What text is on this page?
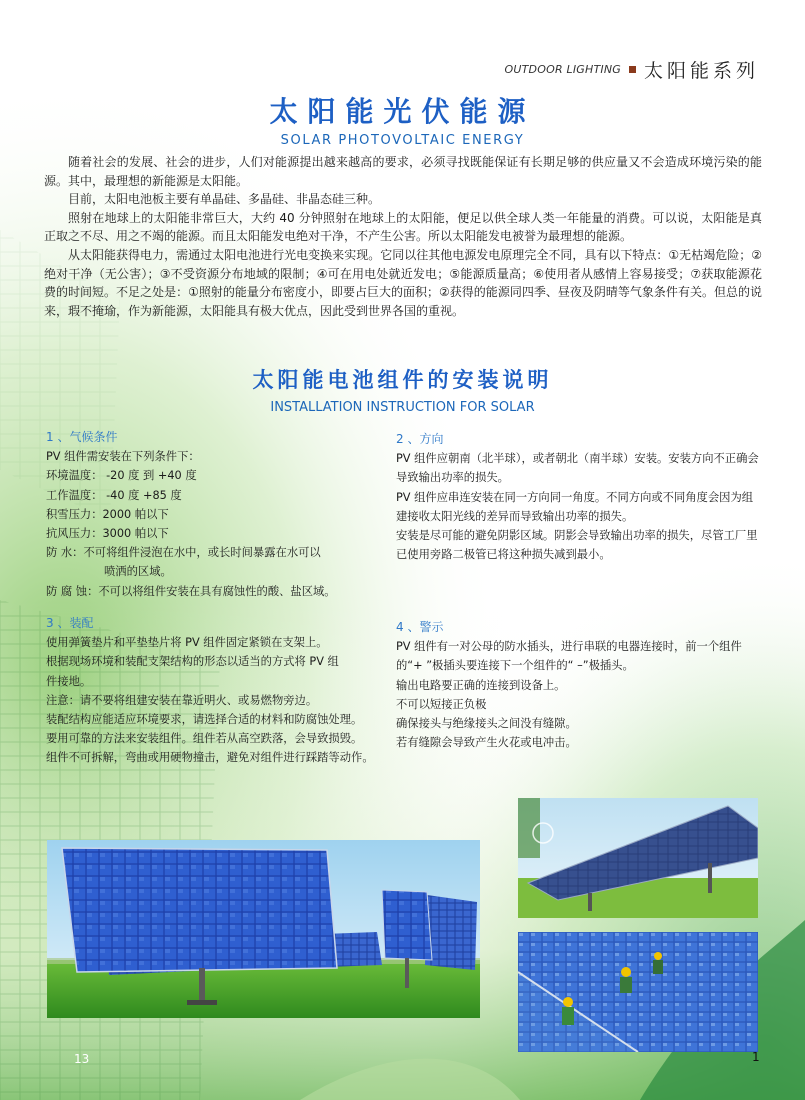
OUTDOOR LIGHTING 太阳能系列
太阳能光伏能源
SOLAR PHOTOVOLTAIC ENERGY

随着社会的发展、社会的进步，人们对能源提出越来越高的要求，必须寻找既能保证有长期足够的供应量又不会造成环境污染的能源。其中，最理想的新能源是太阳能。

目前，太阳电池板主要有单晶硅、多晶硅、非晶态硅三种。

照射在地球上的太阳能非常巨大，大约 40 分钟照射在地球上的太阳能，便足以供全球人类一年能量的消费。可以说，太阳能是真正取之不尽、用之不竭的能源。而且太阳能发电绝对干净，不产生公害。所以太阳能发电被誉为最理想的能源。

从太阳能获得电力，需通过太阳电池进行光电变换来实现。它同以往其他电源发电原理完全不同，具有以下特点：①无枯竭危险；②绝对干净（无公害）；③不受资源分布地域的限制；④可在用电处就近发电；⑤能源质量高；⑥使用者从感情上容易接受；⑦获取能源花费的时间短。不足之处是：①照射的能量分布密度小，即要占巨大的面积；②获得的能源同四季、昼夜及阴晴等气象条件有关。但总的说来，瑕不掩瑜，作为新能源，太阳能具有极大优点，因此受到世界各国的重视。

太阳能电池组件的安装说明
INSTALLATION INSTRUCTION FOR SOLAR
1 、气候条件
PV 组件需安装在下列条件下：
环境温度： -20 度 到 +40 度
工作温度： -40 度 +85 度
积雪压力：2000 帕以下
抗风压力：3000 帕以下
防 水：不可将组件浸泡在水中，或长时间暴露在水可以
喷洒的区域。
防 腐 蚀：不可以将组件安装在具有腐蚀性的酸、盐区域。
2 、方向
PV 组件应朝南（北半球），或者朝北（南半球）安装。安装方向不正确会导致输出功率的损失。
PV 组件应串连安装在同一方向同一角度。不同方向或不同角度会因为组建接收太阳光线的差异而导致输出功率的损失。
安装是尽可能的避免阴影区域。阴影会导致输出功率的损失，尽管工厂里已使用旁路二极管已将这种损失减到最小。
3 、装配
使用弹簧垫片和平垫垫片将 PV 组件固定紧锁在支架上。
根据现场环境和装配支架结构的形态以适当的方式将 PV 组
件接地。
注意：请不要将组建安装在靠近明火、或易燃物旁边。
装配结构应能适应环境要求，请选择合适的材料和防腐蚀处理。
要用可靠的方法来安装组件。组件若从高空跌落，会导致损毁。
组件不可拆解，弯曲或用硬物撞击，避免对组件进行踩踏等动作。
4 、警示
PV 组件有一对公母的防水插头，进行串联的电器连接时，前一个组件的“+ ”极插头要连接下一个组件的“ –”极插头。
输出电路要正确的连接到设备上。
不可以短接正负极
确保接头与绝缘接头之间没有缝隙。
若有缝隙会导致产生火花或电冲击。
13	1
